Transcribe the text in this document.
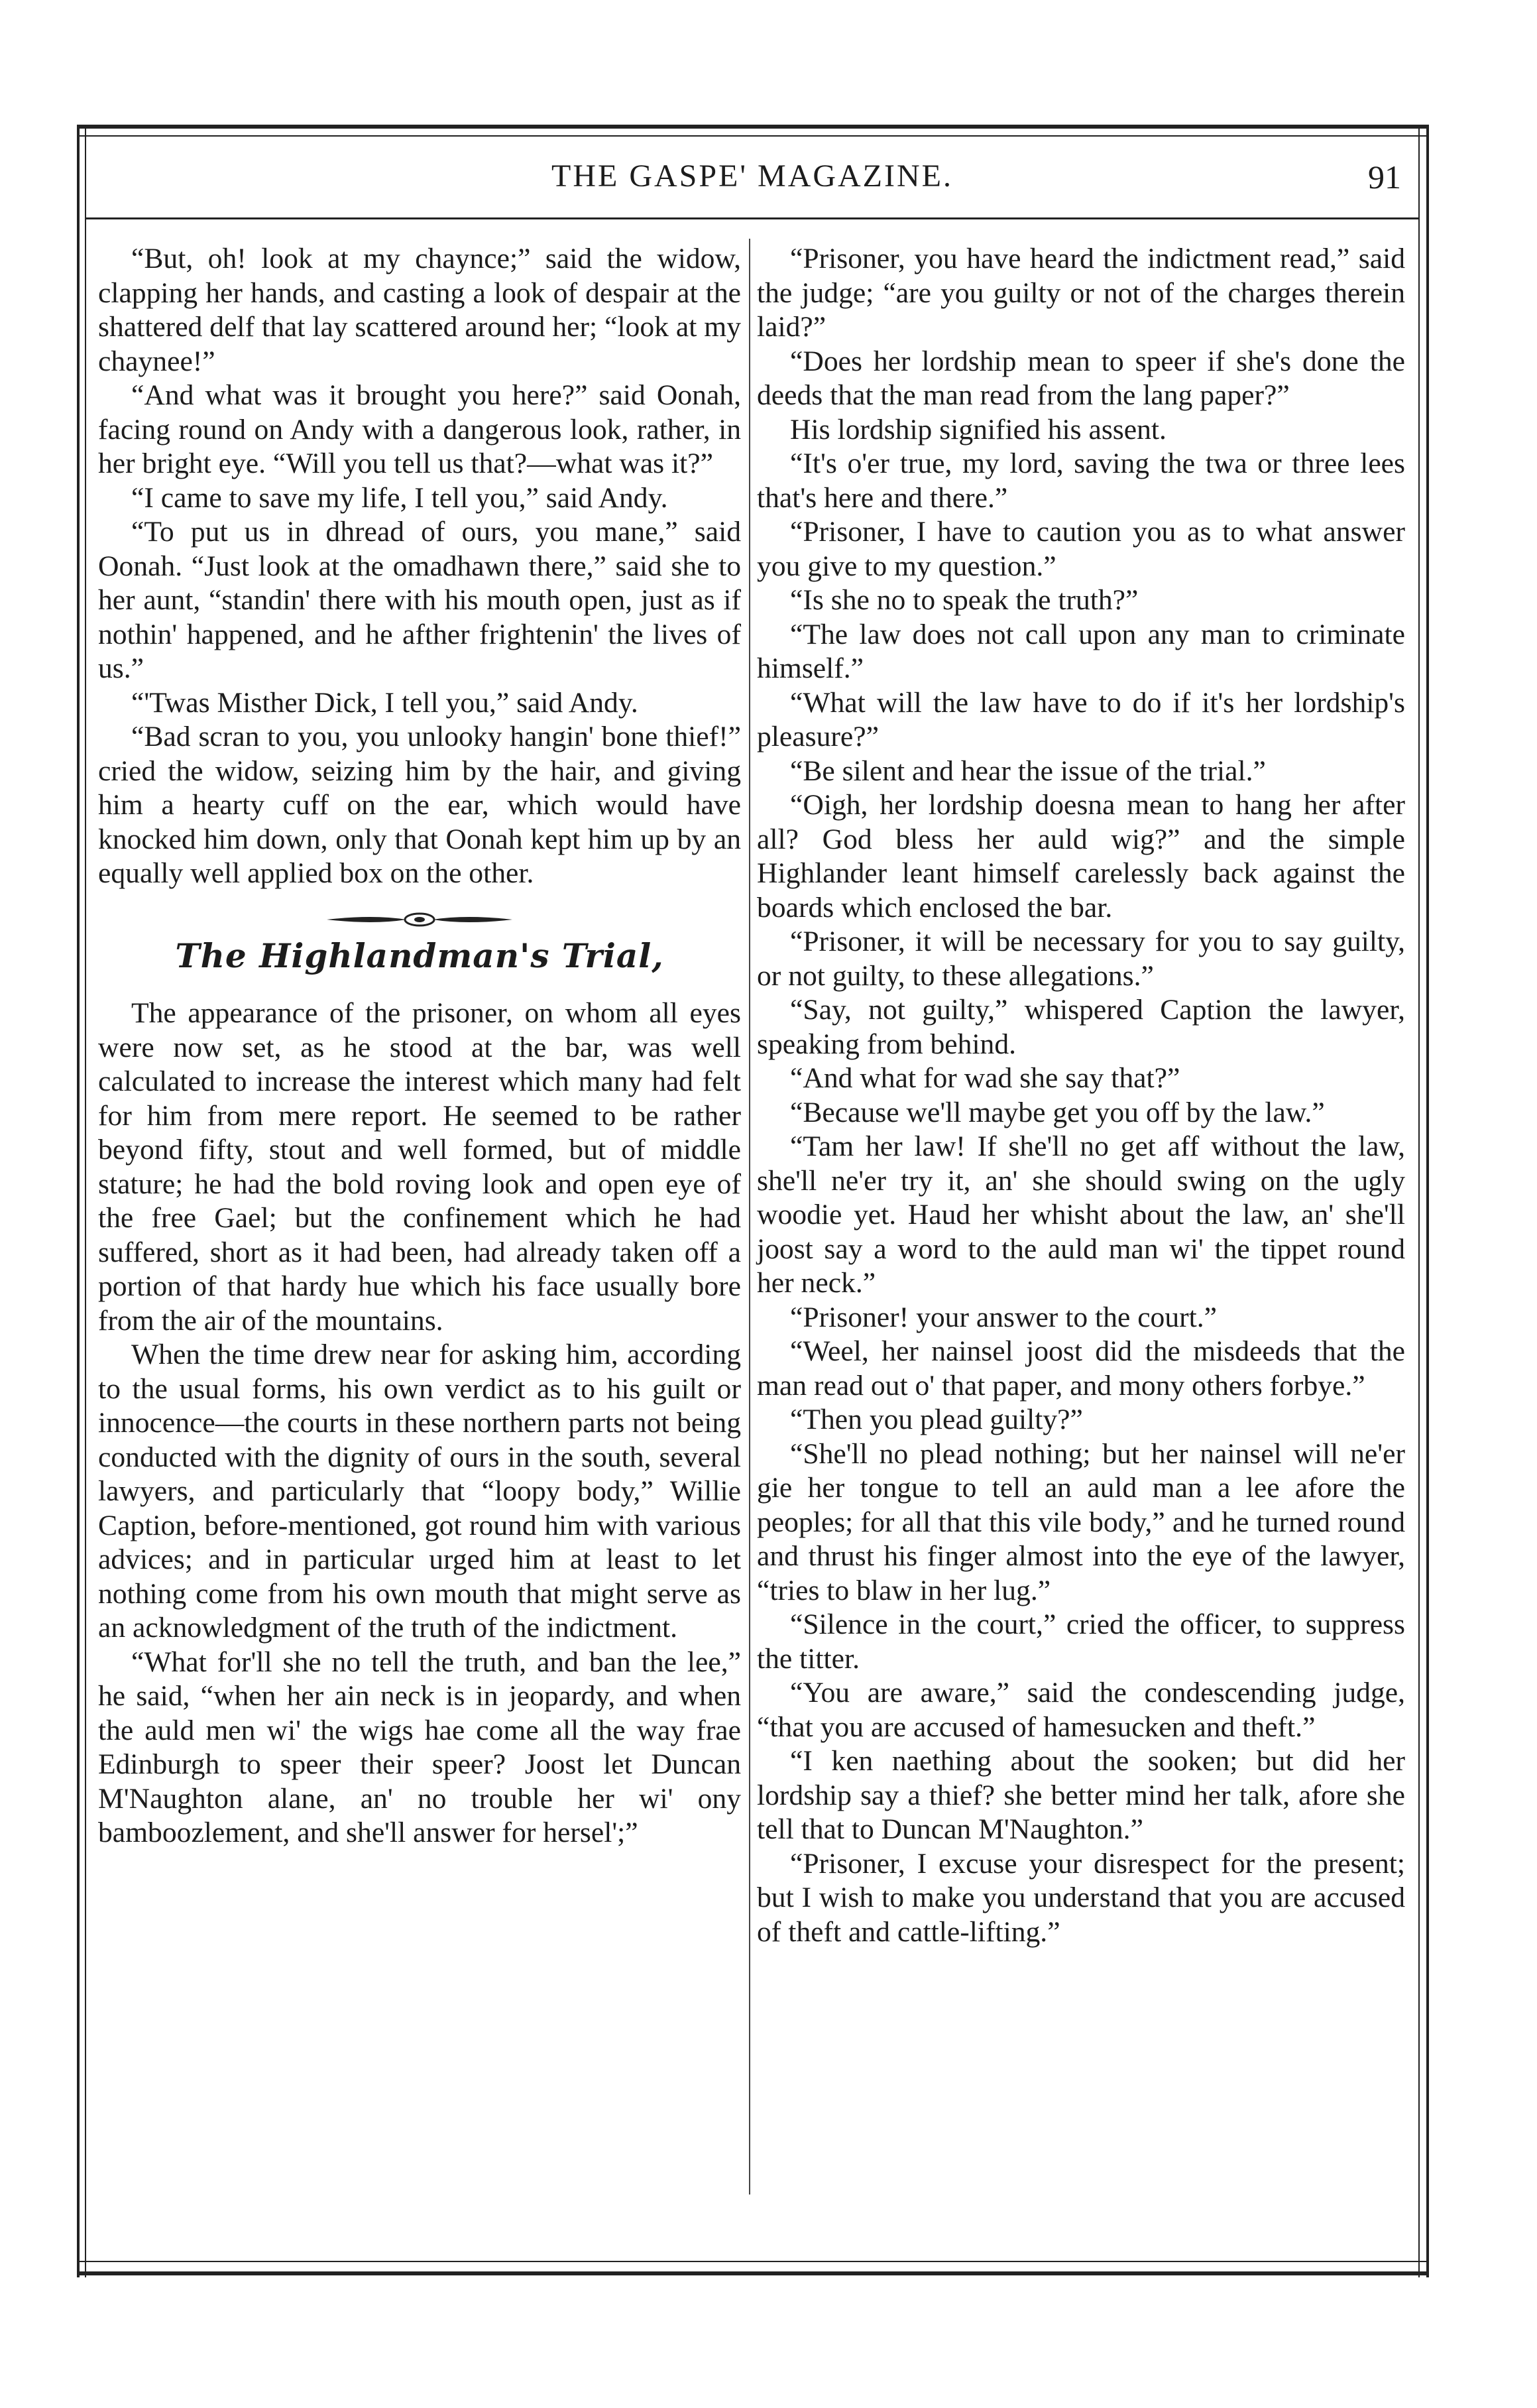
THE GASPE' MAGAZINE.	91

“But, oh! look at my chaynce;” said the widow, clapping her hands, and casting a look of despair at the shattered delf that lay scattered around her; “look at my chaynee!”

“And what was it brought you here?” said Oonah, facing round on Andy with a dangerous look, rather, in her bright eye. “Will you tell us that?—what was it?”

“I came to save my life, I tell you,” said Andy.

“To put us in dhread of ours, you mane,” said Oonah. “Just look at the omadhawn there,” said she to her aunt, “standin' there with his mouth open, just as if nothin' happened, and he afther frightenin' the lives of us.”

“'Twas Misther Dick, I tell you,” said Andy.

“Bad scran to you, you unlooky hangin' bone thief!” cried the widow, seizing him by the hair, and giving him a hearty cuff on the ear, which would have knocked him down, only that Oonah kept him up by an equally well applied box on the other.

The Highlandman's Trial,

The appearance of the prisoner, on whom all eyes were now set, as he stood at the bar, was well calculated to increase the interest which many had felt for him from mere report. He seemed to be rather beyond fifty, stout and well formed, but of middle stature; he had the bold roving look and open eye of the free Gael; but the confinement which he had suffered, short as it had been, had already taken off a portion of that hardy hue which his face usually bore from the air of the mountains.

When the time drew near for asking him, according to the usual forms, his own verdict as to his guilt or innocence—the courts in these northern parts not being conducted with the dignity of ours in the south, several lawyers, and particularly that “loopy body,” Willie Caption, before-mentioned, got round him with various advices; and in particular urged him at least to let nothing come from his own mouth that might serve as an acknowledgment of the truth of the indictment.

“What for'll she no tell the truth, and ban the lee,” he said, “when her ain neck is in jeopardy, and when the auld men wi' the wigs hae come all the way frae Edinburgh to speer their speer? Joost let Duncan M'Naughton alane, an' no trouble her wi' ony bamboozlement, and she'll answer for hersel';”

“Prisoner, you have heard the indictment read,” said the judge; “are you guilty or not of the charges therein laid?”

“Does her lordship mean to speer if she's done the deeds that the man read from the lang paper?”

His lordship signified his assent.

“It's o'er true, my lord, saving the twa or three lees that's here and there.”

“Prisoner, I have to caution you as to what answer you give to my question.”

“Is she no to speak the truth?”

“The law does not call upon any man to criminate himself.”

“What will the law have to do if it's her lordship's pleasure?”

“Be silent and hear the issue of the trial.”

“Oigh, her lordship doesna mean to hang her after all? God bless her auld wig?” and the simple Highlander leant himself carelessly back against the boards which enclosed the bar.

“Prisoner, it will be necessary for you to say guilty, or not guilty, to these allegations.”

“Say, not guilty,” whispered Caption the lawyer, speaking from behind.

“And what for wad she say that?”

“Because we'll maybe get you off by the law.”

“Tam her law! If she'll no get aff without the law, she'll ne'er try it, an' she should swing on the ugly woodie yet. Haud her whisht about the law, an' she'll joost say a word to the auld man wi' the tippet round her neck.”

“Prisoner! your answer to the court.”

“Weel, her nainsel joost did the misdeeds that the man read out o' that paper, and mony others forbye.”

“Then you plead guilty?”

“She'll no plead nothing; but her nainsel will ne'er gie her tongue to tell an auld man a lee afore the peoples; for all that this vile body,” and he turned round and thrust his finger almost into the eye of the lawyer, “tries to blaw in her lug.”

“Silence in the court,” cried the officer, to suppress the titter.

“You are aware,” said the condescending judge, “that you are accused of hamesucken and theft.”

“I ken naething about the sooken; but did her lordship say a thief? she better mind her talk, afore she tell that to Duncan M'Naughton.”

“Prisoner, I excuse your disrespect for the present; but I wish to make you understand that you are accused of theft and cattle-lifting.”
